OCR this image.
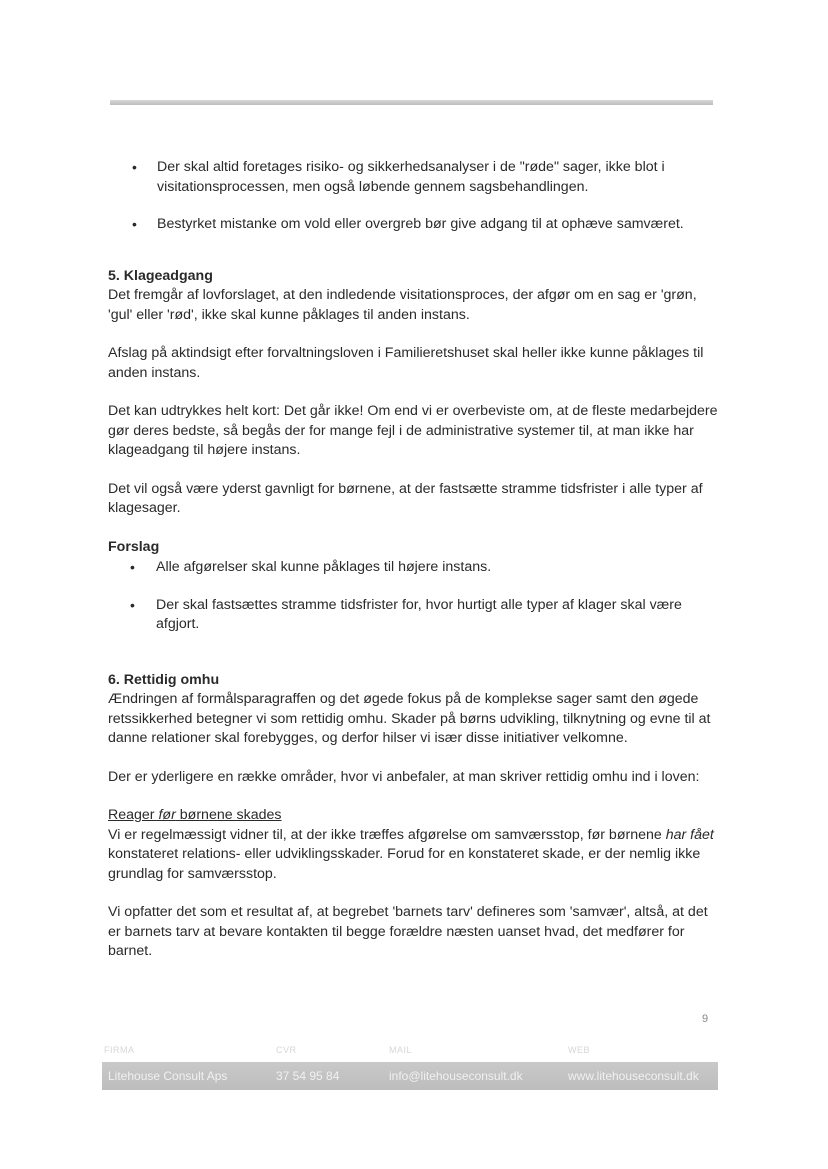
• Der skal altid foretages risiko- og sikkerhedsanalyser i de "røde" sager, ikke blot i visitationsprocessen, men også løbende gennem sagsbehandlingen.
• Bestyrket mistanke om vold eller overgreb bør give adgang til at ophæve samværet.
5. Klageadgang

Det fremgår af lovforslaget, at den indledende visitationsproces, der afgør om en sag er 'grøn, 'gul' eller 'rød', ikke skal kunne påklages til anden instans.

Afslag på aktindsigt efter forvaltningsloven i Familieretshuset skal heller ikke kunne påklages til anden instans.

Det kan udtrykkes helt kort: Det går ikke! Om end vi er overbeviste om, at de fleste medarbejdere gør deres bedste, så begås der for mange fejl i de administrative systemer til, at man ikke har klageadgang til højere instans.

Det vil også være yderst gavnligt for børnene, at der fastsætte stramme tidsfrister i alle typer af klagesager.

Forslag
• Alle afgørelser skal kunne påklages til højere instans.
• Der skal fastsættes stramme tidsfrister for, hvor hurtigt alle typer af klager skal være afgjort.
6. Rettidig omhu

Ændringen af formålsparagraffen og det øgede fokus på de komplekse sager samt den øgede retssikkerhed betegner vi som rettidig omhu. Skader på børns udvikling, tilknytning og evne til at danne relationer skal forebygges, og derfor hilser vi især disse initiativer velkomne.

Der er yderligere en række områder, hvor vi anbefaler, at man skriver rettidig omhu ind i loven:

Reager før børnene skades

Vi er regelmæssigt vidner til, at der ikke træffes afgørelse om samværsstop, før børnene har fået konstateret relations- eller udviklingsskader. Forud for en konstateret skade, er der nemlig ikke grundlag for samværsstop.

Vi opfatter det som et resultat af, at begrebet 'barnets tarv' defineres som 'samvær', altså, at det er barnets tarv at bevare kontakten til begge forældre næsten uanset hvad, det medfører for barnet.

9
FIRMA	CVR	MAIL	WEB
Litehouse Consult Aps	37 54 95 84	info@litehouseconsult.dk	www.litehouseconsult.dk
